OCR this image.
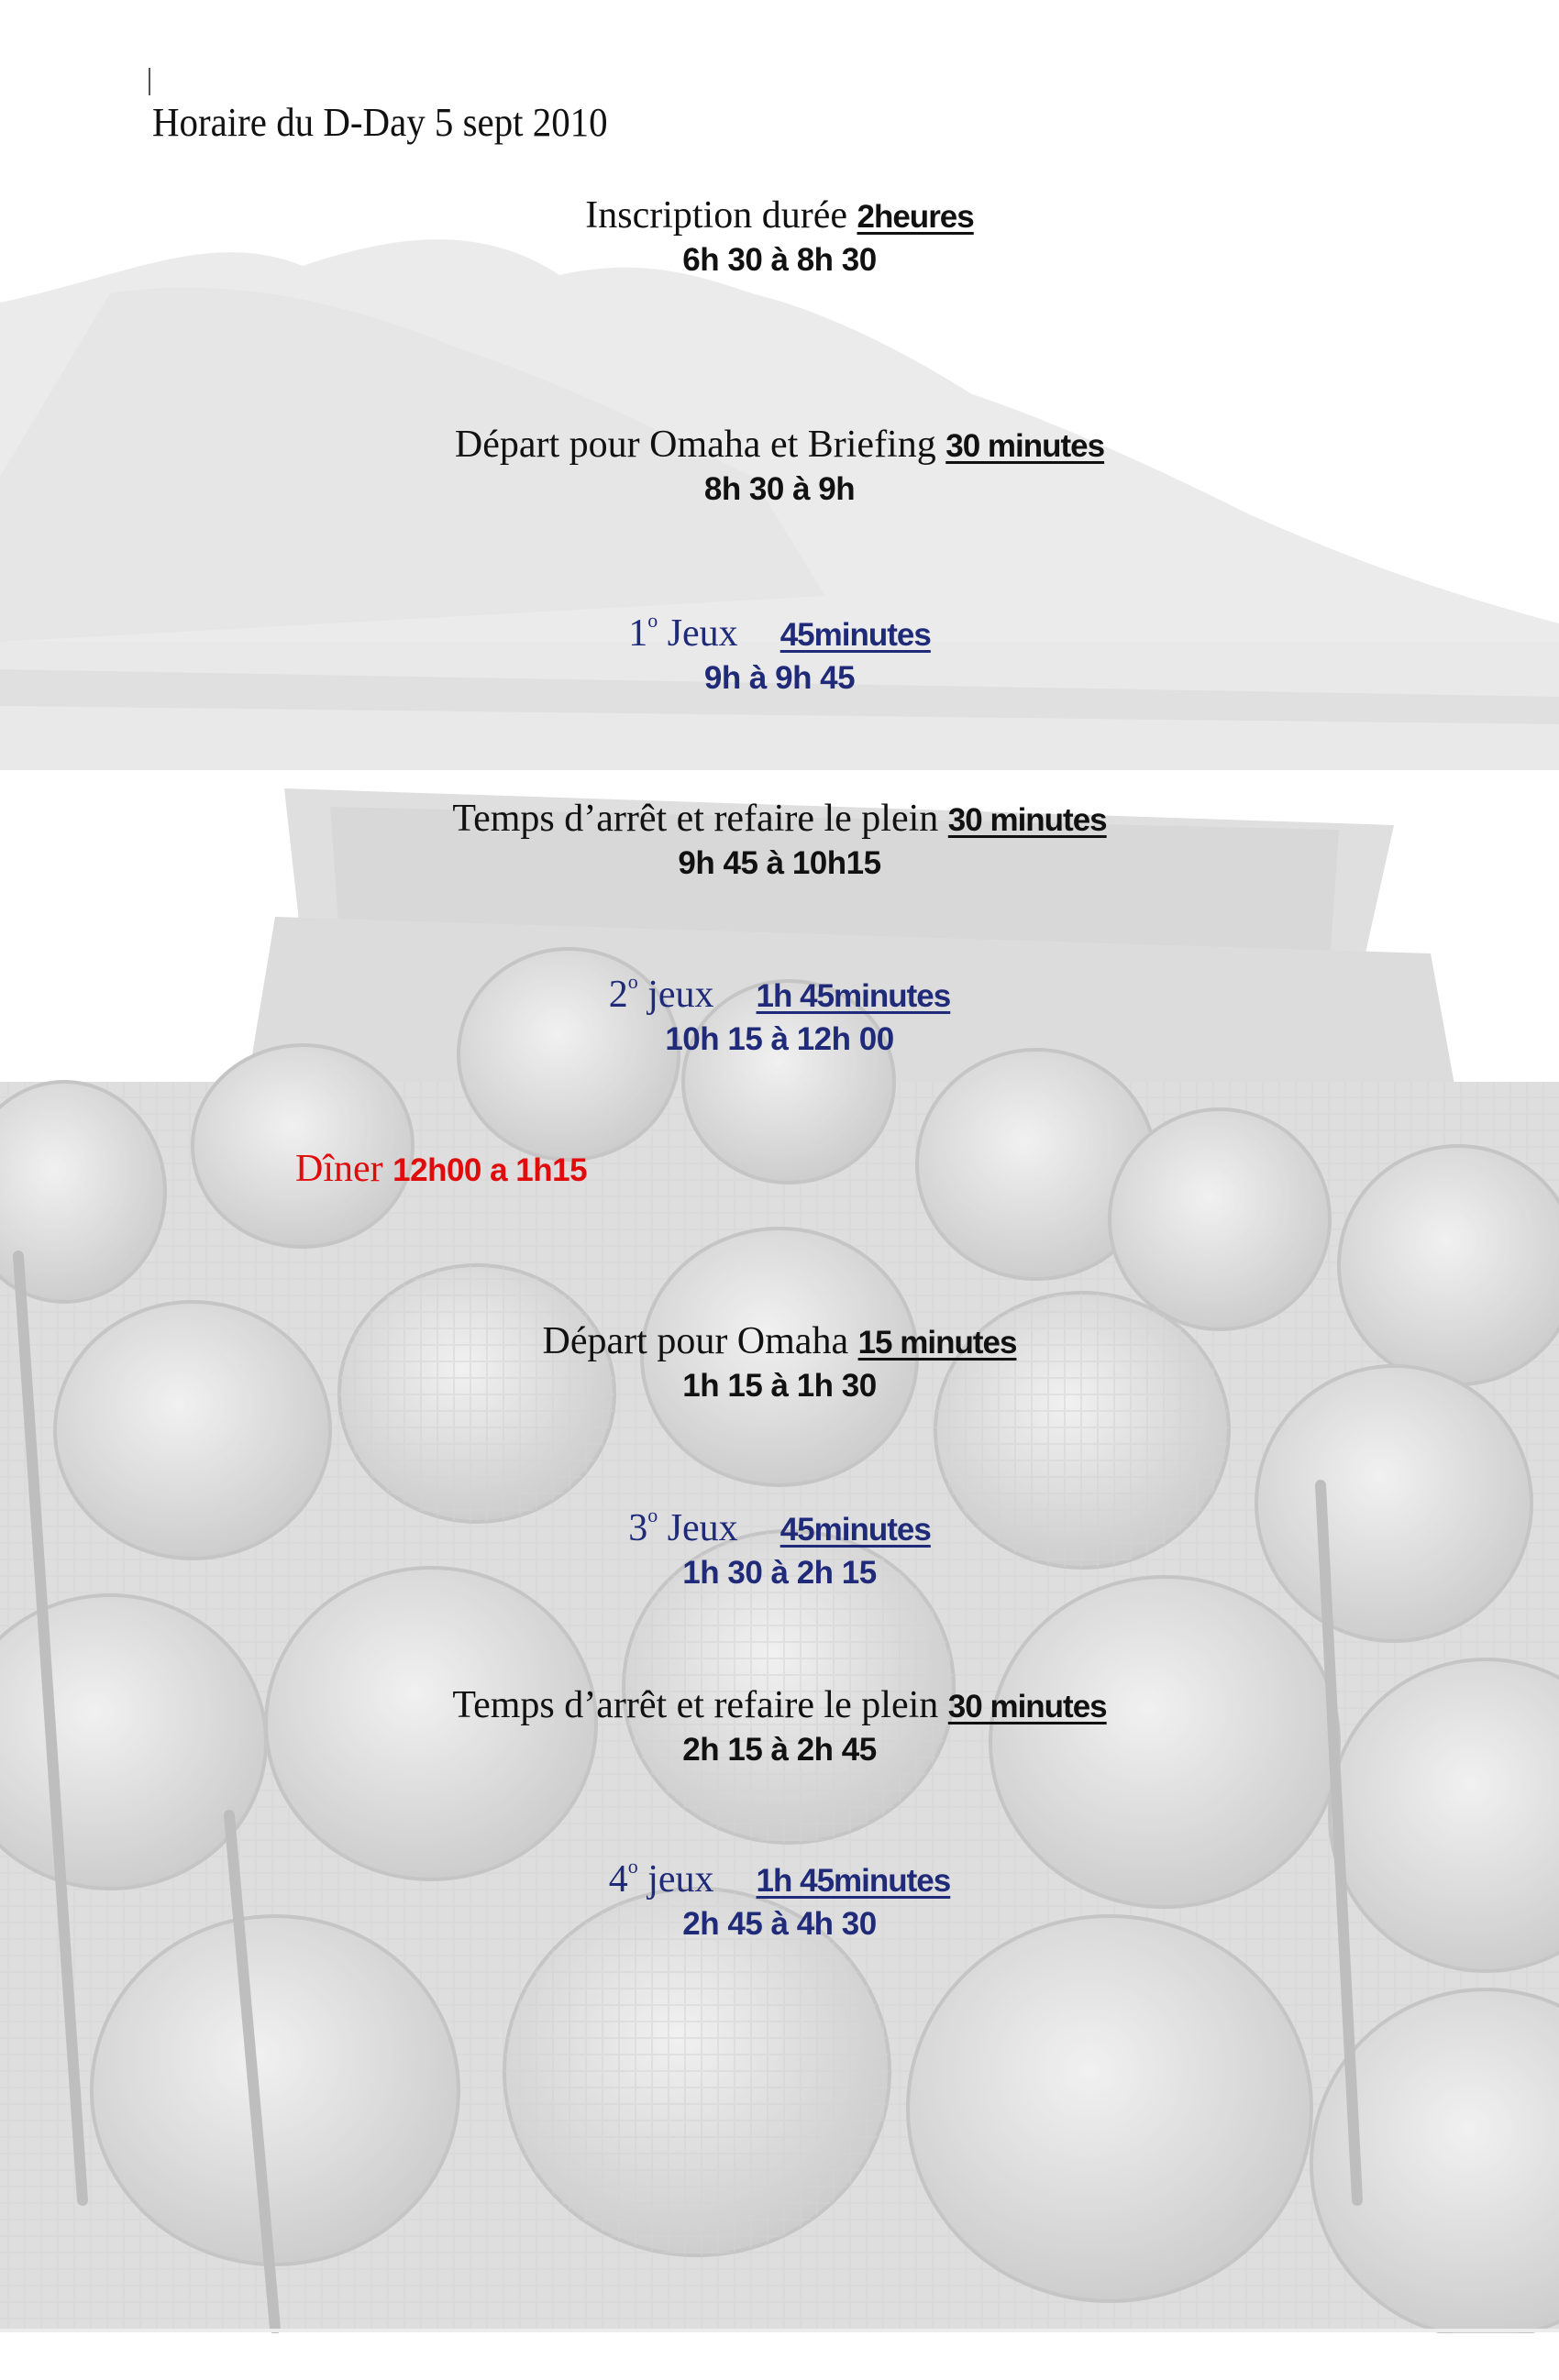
Horaire du D-Day 5 sept 2010
Inscription durée 2heures
6h 30 à 8h 30
Départ pour Omaha et Briefing 30 minutes
8h 30 à 9h
1$^o$ Jeux 45minutes
9h à 9h 45
Temps d’arrêt et refaire le plein 30 minutes
9h 45 à 10h15
2$^o$ jeux 1h 45minutes
10h 15 à 12h 00
Dîner 12h00 a 1h15
Départ pour Omaha 15 minutes
1h 15 à 1h 30
3$^o$ Jeux 45minutes
1h 30 à 2h 15
Temps d’arrêt et refaire le plein 30 minutes
2h 15 à 2h 45
4$^o$ jeux 1h 45minutes
2h 45 à 4h 30
